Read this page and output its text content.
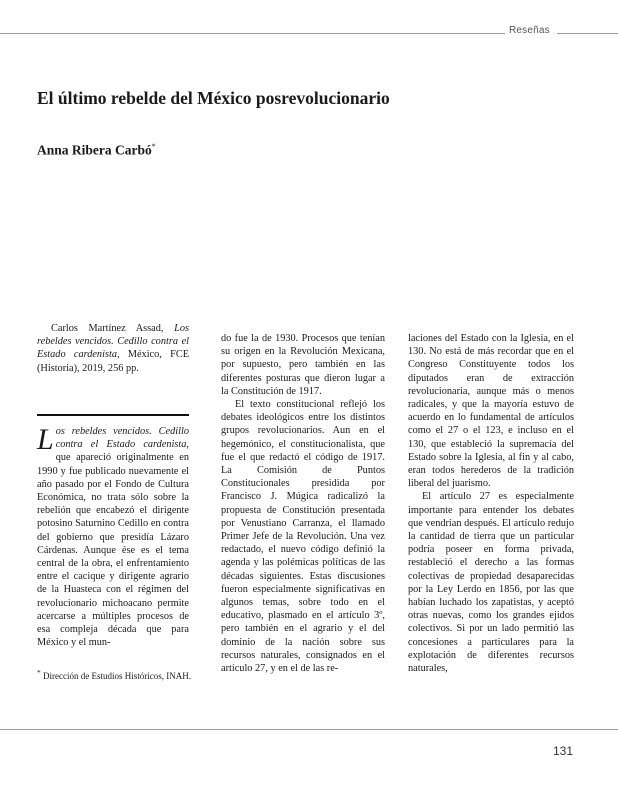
Reseñas
El último rebelde del México posrevolucionario
Anna Ribera Carbó*

Carlos Martínez Assad, Los rebeldes vencidos. Cedillo contra el Estado cardenista, México, FCE (Historia), 2019, 256 pp.

Los rebeldes vencidos. Cedillo contra el Estado cardenista, que apareció originalmente en 1990 y fue publicado nuevamente el año pasado por el Fondo de Cultura Económica, no trata sólo sobre la rebelión que encabezó el dirigente potosino Saturnino Cedillo en contra del gobierno que presidía Lázaro Cárdenas. Aunque ése es el tema central de la obra, el enfrentamiento entre el cacique y dirigente agrario de la Huasteca con el régimen del revolucionario michoacano permite acercarse a múltiples procesos de esa compleja década que para México y el mun-

* Dirección de Estudios Históricos, INAH.

do fue la de 1930. Procesos que tenían su origen en la Revolución Mexicana, por supuesto, pero también en las diferentes posturas que dieron lugar a la Constitución de 1917.

El texto constitucional reflejó los debates ideológicos entre los distintos grupos revolucionarios. Aun en el hegemónico, el constitucionalista, que fue el que redactó el código de 1917. La Comisión de Puntos Constitucionales presidida por Francisco J. Múgica radicalizó la propuesta de Constitución presentada por Venustiano Carranza, el llamado Primer Jefe de la Revolución. Una vez redactado, el nuevo código definió la agenda y las polémicas políticas de las décadas siguientes. Estas discusiones fueron especialmente significativas en algunos temas, sobre todo en el educativo, plasmado en el artículo 3º, pero también en el agrario y el del dominio de la nación sobre sus recursos naturales, consignados en el artículo 27, y en el de las re-

laciones del Estado con la Iglesia, en el 130. No está de más recordar que en el Congreso Constituyente todos los diputados eran de extracción revolucionaria, aunque más o menos radicales, y que la mayoría estuvo de acuerdo en lo fundamental de artículos como el 27 o el 123, e incluso en el 130, que estableció la supremacía del Estado sobre la Iglesia, al fin y al cabo, eran todos herederos de la tradición liberal del juarismo.

El artículo 27 es especialmente importante para entender los debates que vendrían después. El artículo redujo la cantidad de tierra que un particular podría poseer en forma privada, restableció el derecho a las formas colectivas de propiedad desaparecidas por la Ley Lerdo en 1856, por las que habían luchado los zapatistas, y aceptó otras nuevas, como los grandes ejidos colectivos. Si por un lado permitió las concesiones a particulares para la explotación de diferentes recursos naturales,

131
